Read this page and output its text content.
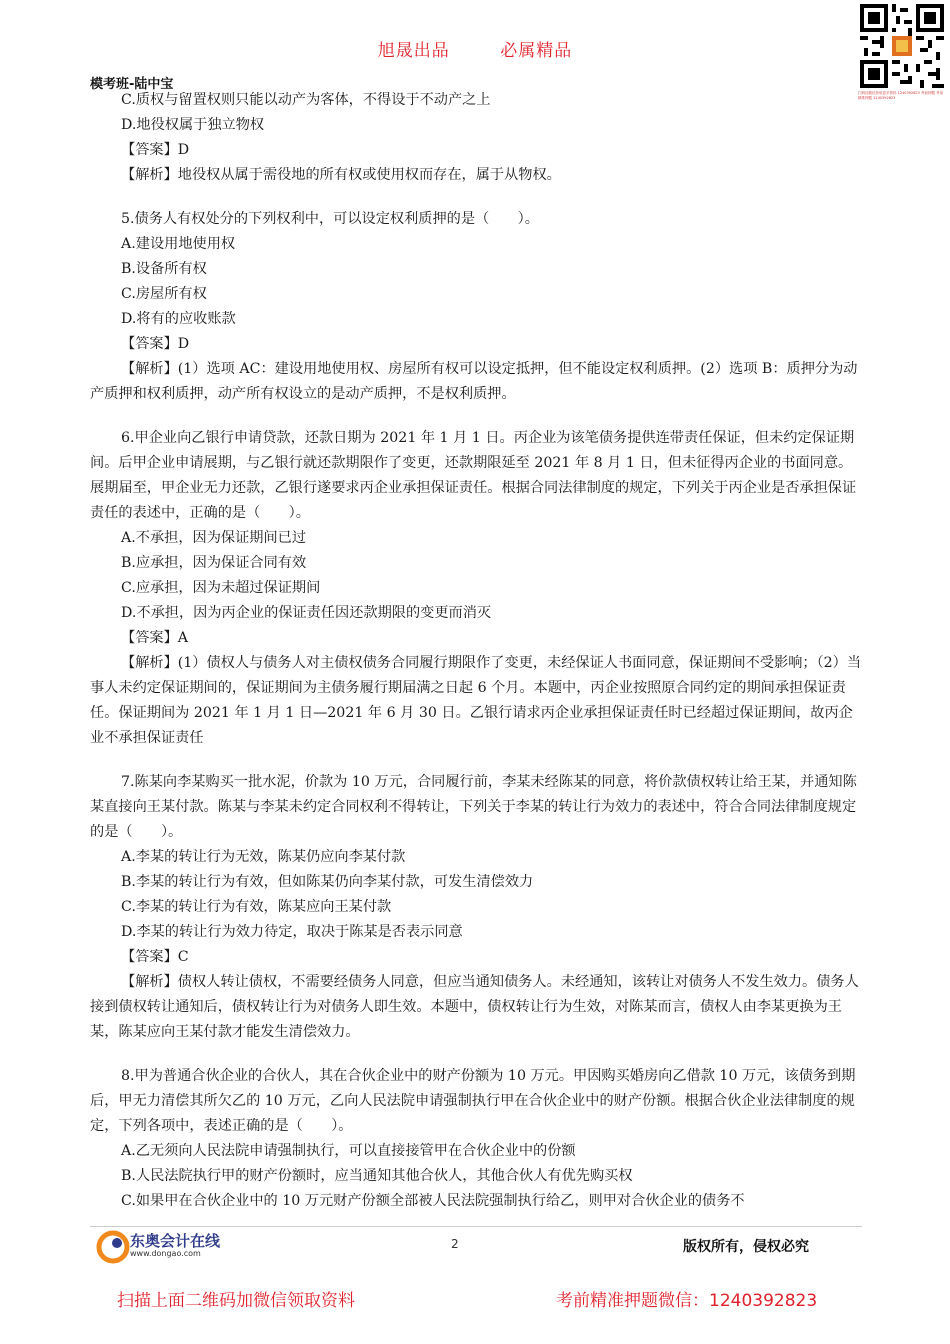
旭晟出品	必属精品
模考班-陆中宝
扫码加微信获取更多资料 1240392823 考前押题 考前精准押题 1240392823

C.质权与留置权则只能以动产为客体，不得设于不动产之上

D.地役权属于独立物权

【答案】D

【解析】地役权从属于需役地的所有权或使用权而存在，属于从物权。

5.债务人有权处分的下列权利中，可以设定权利质押的是（　　）。

A.建设用地使用权

B.设备所有权

C.房屋所有权

D.将有的应收账款

【答案】D

【解析】(1）选项 AC：建设用地使用权、房屋所有权可以设定抵押，但不能设定权利质押。(2）选项 B：质押分为动产质押和权利质押，动产所有权设立的是动产质押，不是权利质押。

6.甲企业向乙银行申请贷款，还款日期为 2021 年 1 月 1 日。丙企业为该笔债务提供连带责任保证，但未约定保证期间。后甲企业申请展期，与乙银行就还款期限作了变更，还款期限延至 2021 年 8 月 1 日，但未征得丙企业的书面同意。展期届至，甲企业无力还款，乙银行遂要求丙企业承担保证责任。根据合同法律制度的规定，下列关于丙企业是否承担保证责任的表述中，正确的是（　　）。

A.不承担，因为保证期间已过

B.应承担，因为保证合同有效

C.应承担，因为未超过保证期间

D.不承担，因为丙企业的保证责任因还款期限的变更而消灭

【答案】A

【解析】(1）债权人与债务人对主债权债务合同履行期限作了变更，未经保证人书面同意，保证期间不受影响；（2）当事人未约定保证期间的，保证期间为主债务履行期届满之日起 6 个月。本题中，丙企业按照原合同约定的期间承担保证责任。保证期间为 2021 年 1 月 1 日—2021 年 6 月 30 日。乙银行请求丙企业承担保证责任时已经超过保证期间，故丙企业不承担保证责任

7.陈某向李某购买一批水泥，价款为 10 万元，合同履行前，李某未经陈某的同意，将价款债权转让给王某，并通知陈某直接向王某付款。陈某与李某未约定合同权利不得转让，下列关于李某的转让行为效力的表述中，符合合同法律制度规定的是（　　）。

A.李某的转让行为无效，陈某仍应向李某付款

B.李某的转让行为有效，但如陈某仍向李某付款，可发生清偿效力

C.李某的转让行为有效，陈某应向王某付款

D.李某的转让行为效力待定，取决于陈某是否表示同意

【答案】C

【解析】债权人转让债权，不需要经债务人同意，但应当通知债务人。未经通知，该转让对债务人不发生效力。债务人接到债权转让通知后，债权转让行为对债务人即生效。本题中，债权转让行为生效，对陈某而言，债权人由李某更换为王某，陈某应向王某付款才能发生清偿效力。

8.甲为普通合伙企业的合伙人，其在合伙企业中的财产份额为 10 万元。甲因购买婚房向乙借款 10 万元，该债务到期后，甲无力清偿其所欠乙的 10 万元，乙向人民法院申请强制执行甲在合伙企业中的财产份额。根据合伙企业法律制度的规定，下列各项中，表述正确的是（　　）。

A.乙无须向人民法院申请强制执行，可以直接接管甲在合伙企业中的份额

B.人民法院执行甲的财产份额时，应当通知其他合伙人，其他合伙人有优先购买权

C.如果甲在合伙企业中的 10 万元财产份额全部被人民法院强制执行给乙，则甲对合伙企业的债务不

东奥会计在线
www.dongao.com
2	版权所有，侵权必究
扫描上面二维码加微信领取资料	考前精准押题微信：1240392823
